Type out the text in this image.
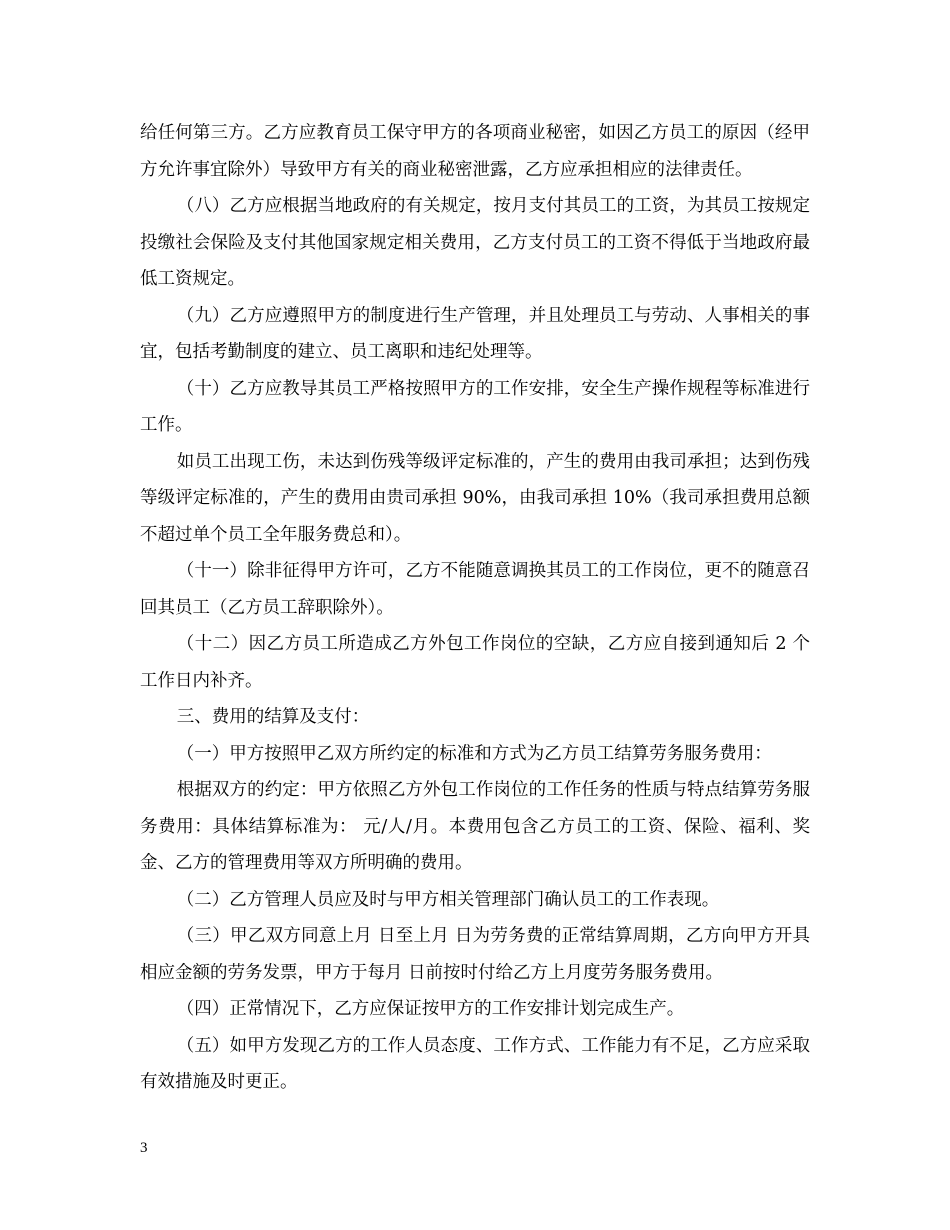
给任何第三方。乙方应教育员工保守甲方的各项商业秘密，如因乙方员工的原因（经甲方允许事宜除外）导致甲方有关的商业秘密泄露，乙方应承担相应的法律责任。

（八）乙方应根据当地政府的有关规定，按月支付其员工的工资，为其员工按规定投缴社会保险及支付其他国家规定相关费用，乙方支付员工的工资不得低于当地政府最低工资规定。

（九）乙方应遵照甲方的制度进行生产管理，并且处理员工与劳动、人事相关的事宜，包括考勤制度的建立、员工离职和违纪处理等。

（十）乙方应教导其员工严格按照甲方的工作安排，安全生产操作规程等标准进行工作。

如员工出现工伤，未达到伤残等级评定标准的，产生的费用由我司承担；达到伤残等级评定标准的，产生的费用由贵司承担 90%，由我司承担 10%（我司承担费用总额不超过单个员工全年服务费总和）。

（十一）除非征得甲方许可，乙方不能随意调换其员工的工作岗位，更不的随意召回其员工（乙方员工辞职除外）。

（十二）因乙方员工所造成乙方外包工作岗位的空缺，乙方应自接到通知后 2 个工作日内补齐。

三、费用的结算及支付：

（一）甲方按照甲乙双方所约定的标准和方式为乙方员工结算劳务服务费用：

根据双方的约定：甲方依照乙方外包工作岗位的工作任务的性质与特点结算劳务服务费用：具体结算标准为： 元/人/月。本费用包含乙方员工的工资、保险、福利、奖金、乙方的管理费用等双方所明确的费用。

（二）乙方管理人员应及时与甲方相关管理部门确认员工的工作表现。

（三）甲乙双方同意上月 日至上月 日为劳务费的正常结算周期，乙方向甲方开具相应金额的劳务发票，甲方于每月 日前按时付给乙方上月度劳务服务费用。

（四）正常情况下，乙方应保证按甲方的工作安排计划完成生产。

（五）如甲方发现乙方的工作人员态度、工作方式、工作能力有不足，乙方应采取有效措施及时更正。

3
